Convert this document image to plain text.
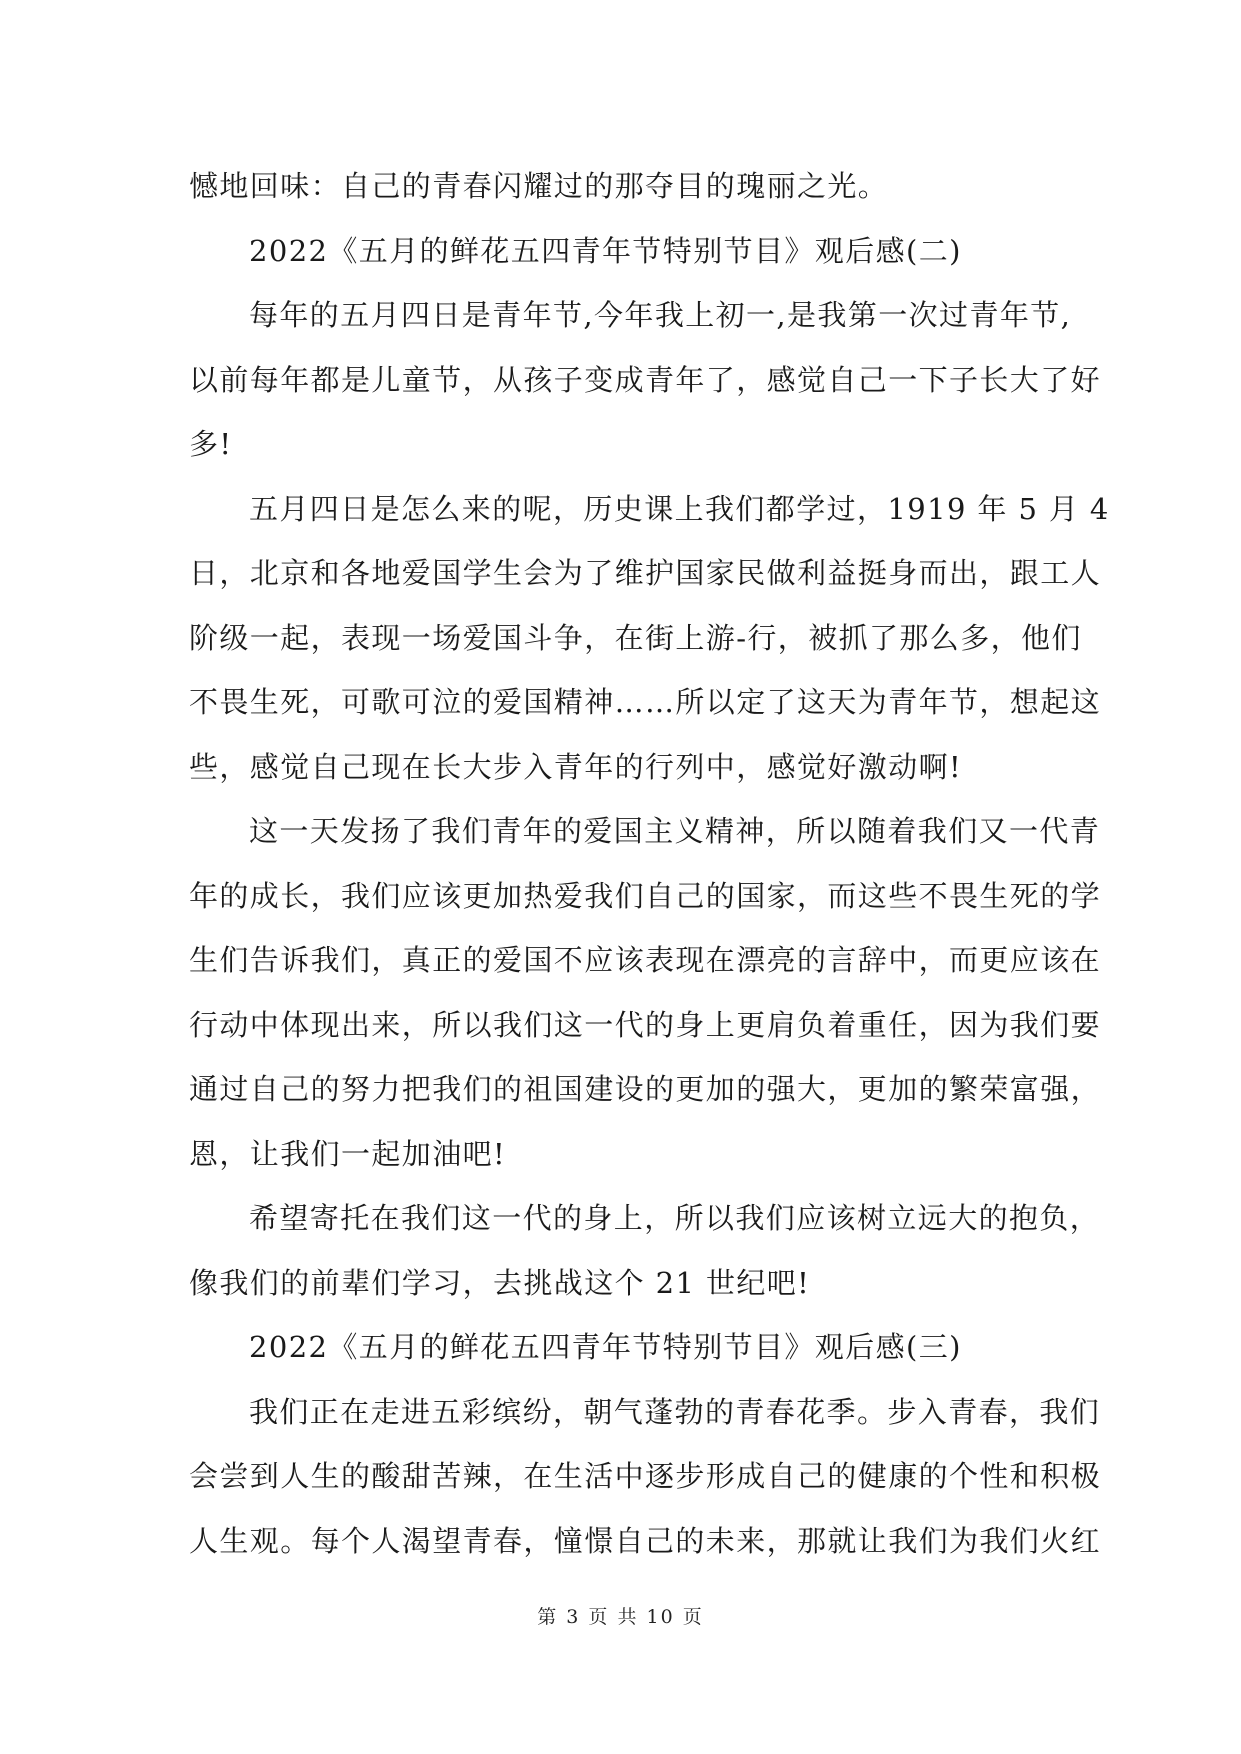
憾地回味：自己的青春闪耀过的那夺目的瑰丽之光。
2022《五月的鲜花五四青年节特别节目》观后感(二)
每年的五月四日是青年节,今年我上初一,是我第一次过青年节,
以前每年都是儿童节，从孩子变成青年了，感觉自己一下子长大了好
多!
五月四日是怎么来的呢，历史课上我们都学过，1919 年 5 月 4
日，北京和各地爱国学生会为了维护国家民做利益挺身而出，跟工人
阶级一起，表现一场爱国斗争，在街上游-行，被抓了那么多，他们
不畏生死，可歌可泣的爱国精神……所以定了这天为青年节，想起这
些，感觉自己现在长大步入青年的行列中，感觉好激动啊!
这一天发扬了我们青年的爱国主义精神，所以随着我们又一代青
年的成长，我们应该更加热爱我们自己的国家，而这些不畏生死的学
生们告诉我们，真正的爱国不应该表现在漂亮的言辞中，而更应该在
行动中体现出来，所以我们这一代的身上更肩负着重任，因为我们要
通过自己的努力把我们的祖国建设的更加的强大，更加的繁荣富强，
恩，让我们一起加油吧!
希望寄托在我们这一代的身上，所以我们应该树立远大的抱负，
像我们的前辈们学习，去挑战这个 21 世纪吧!
2022《五月的鲜花五四青年节特别节目》观后感(三)
我们正在走进五彩缤纷，朝气蓬勃的青春花季。步入青春，我们
会尝到人生的酸甜苦辣，在生活中逐步形成自己的健康的个性和积极
人生观。每个人渴望青春，憧憬自己的未来，那就让我们为我们火红
第 3 页 共 10 页
